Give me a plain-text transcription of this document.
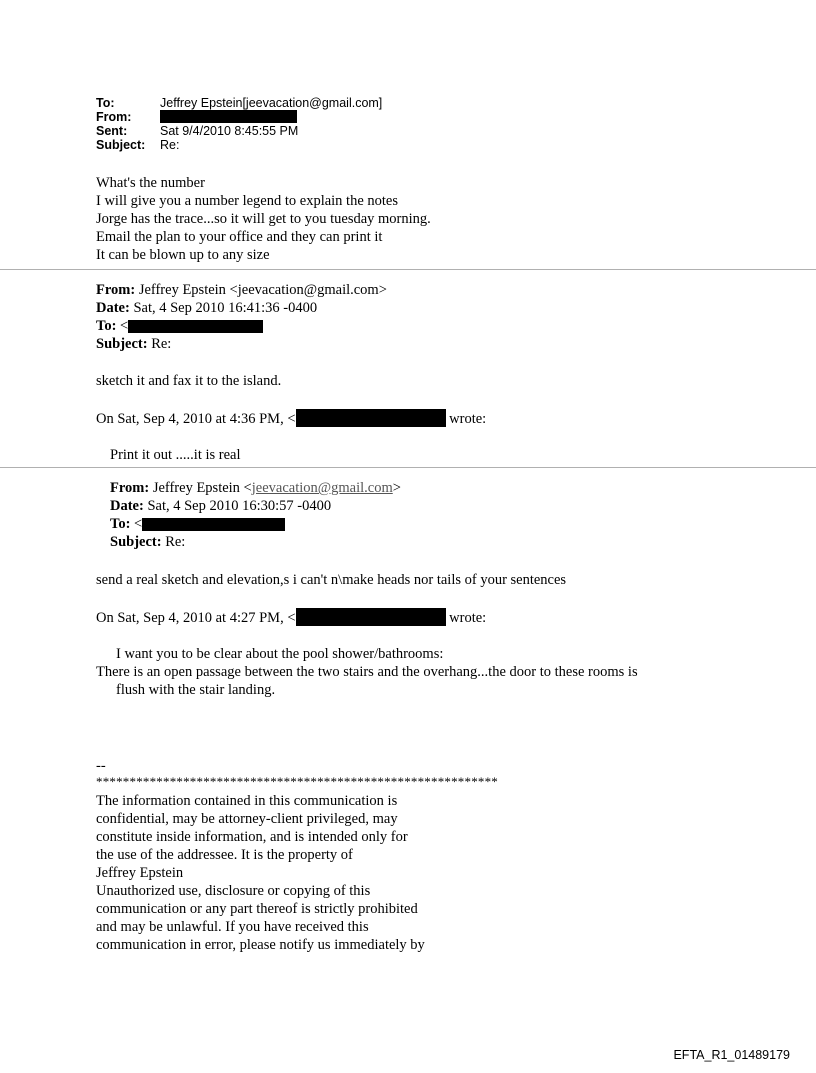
To:	Jeffrey Epstein[jeevacation@gmail.com]
From:
Sent:	Sat 9/4/2010 8:45:55 PM
Subject:	Re:
What's the number
I will give you a number legend to explain the notes
Jorge has the trace...so it will get to you tuesday morning.
Email the plan to your office and they can print it
It can be blown up to any size
From: Jeffrey Epstein <jeevacation@gmail.com>
Date: Sat, 4 Sep 2010 16:41:36 -0400
To: <
Subject: Re:
sketch it and fax it to the island.
On Sat, Sep 4, 2010 at 4:36 PM, <	wrote:
Print it out .....it is real
From: Jeffrey Epstein <jeevacation@gmail.com>
Date: Sat, 4 Sep 2010 16:30:57 -0400
To: <
Subject: Re:
send a real sketch and elevation,s i can't n\make heads nor tails of your sentences
On Sat, Sep 4, 2010 at 4:27 PM, <	wrote:
I want you to be clear about the pool shower/bathrooms:
There is an open passage between the two stairs and the overhang...the door to these rooms is
flush with the stair landing.
--
************************************************************
The information contained in this communication is
confidential, may be attorney-client privileged, may
constitute inside information, and is intended only for
the use of the addressee. It is the property of
Jeffrey Epstein
Unauthorized use, disclosure or copying of this
communication or any part thereof is strictly prohibited
and may be unlawful. If you have received this
communication in error, please notify us immediately by
EFTA_R1_01489179
